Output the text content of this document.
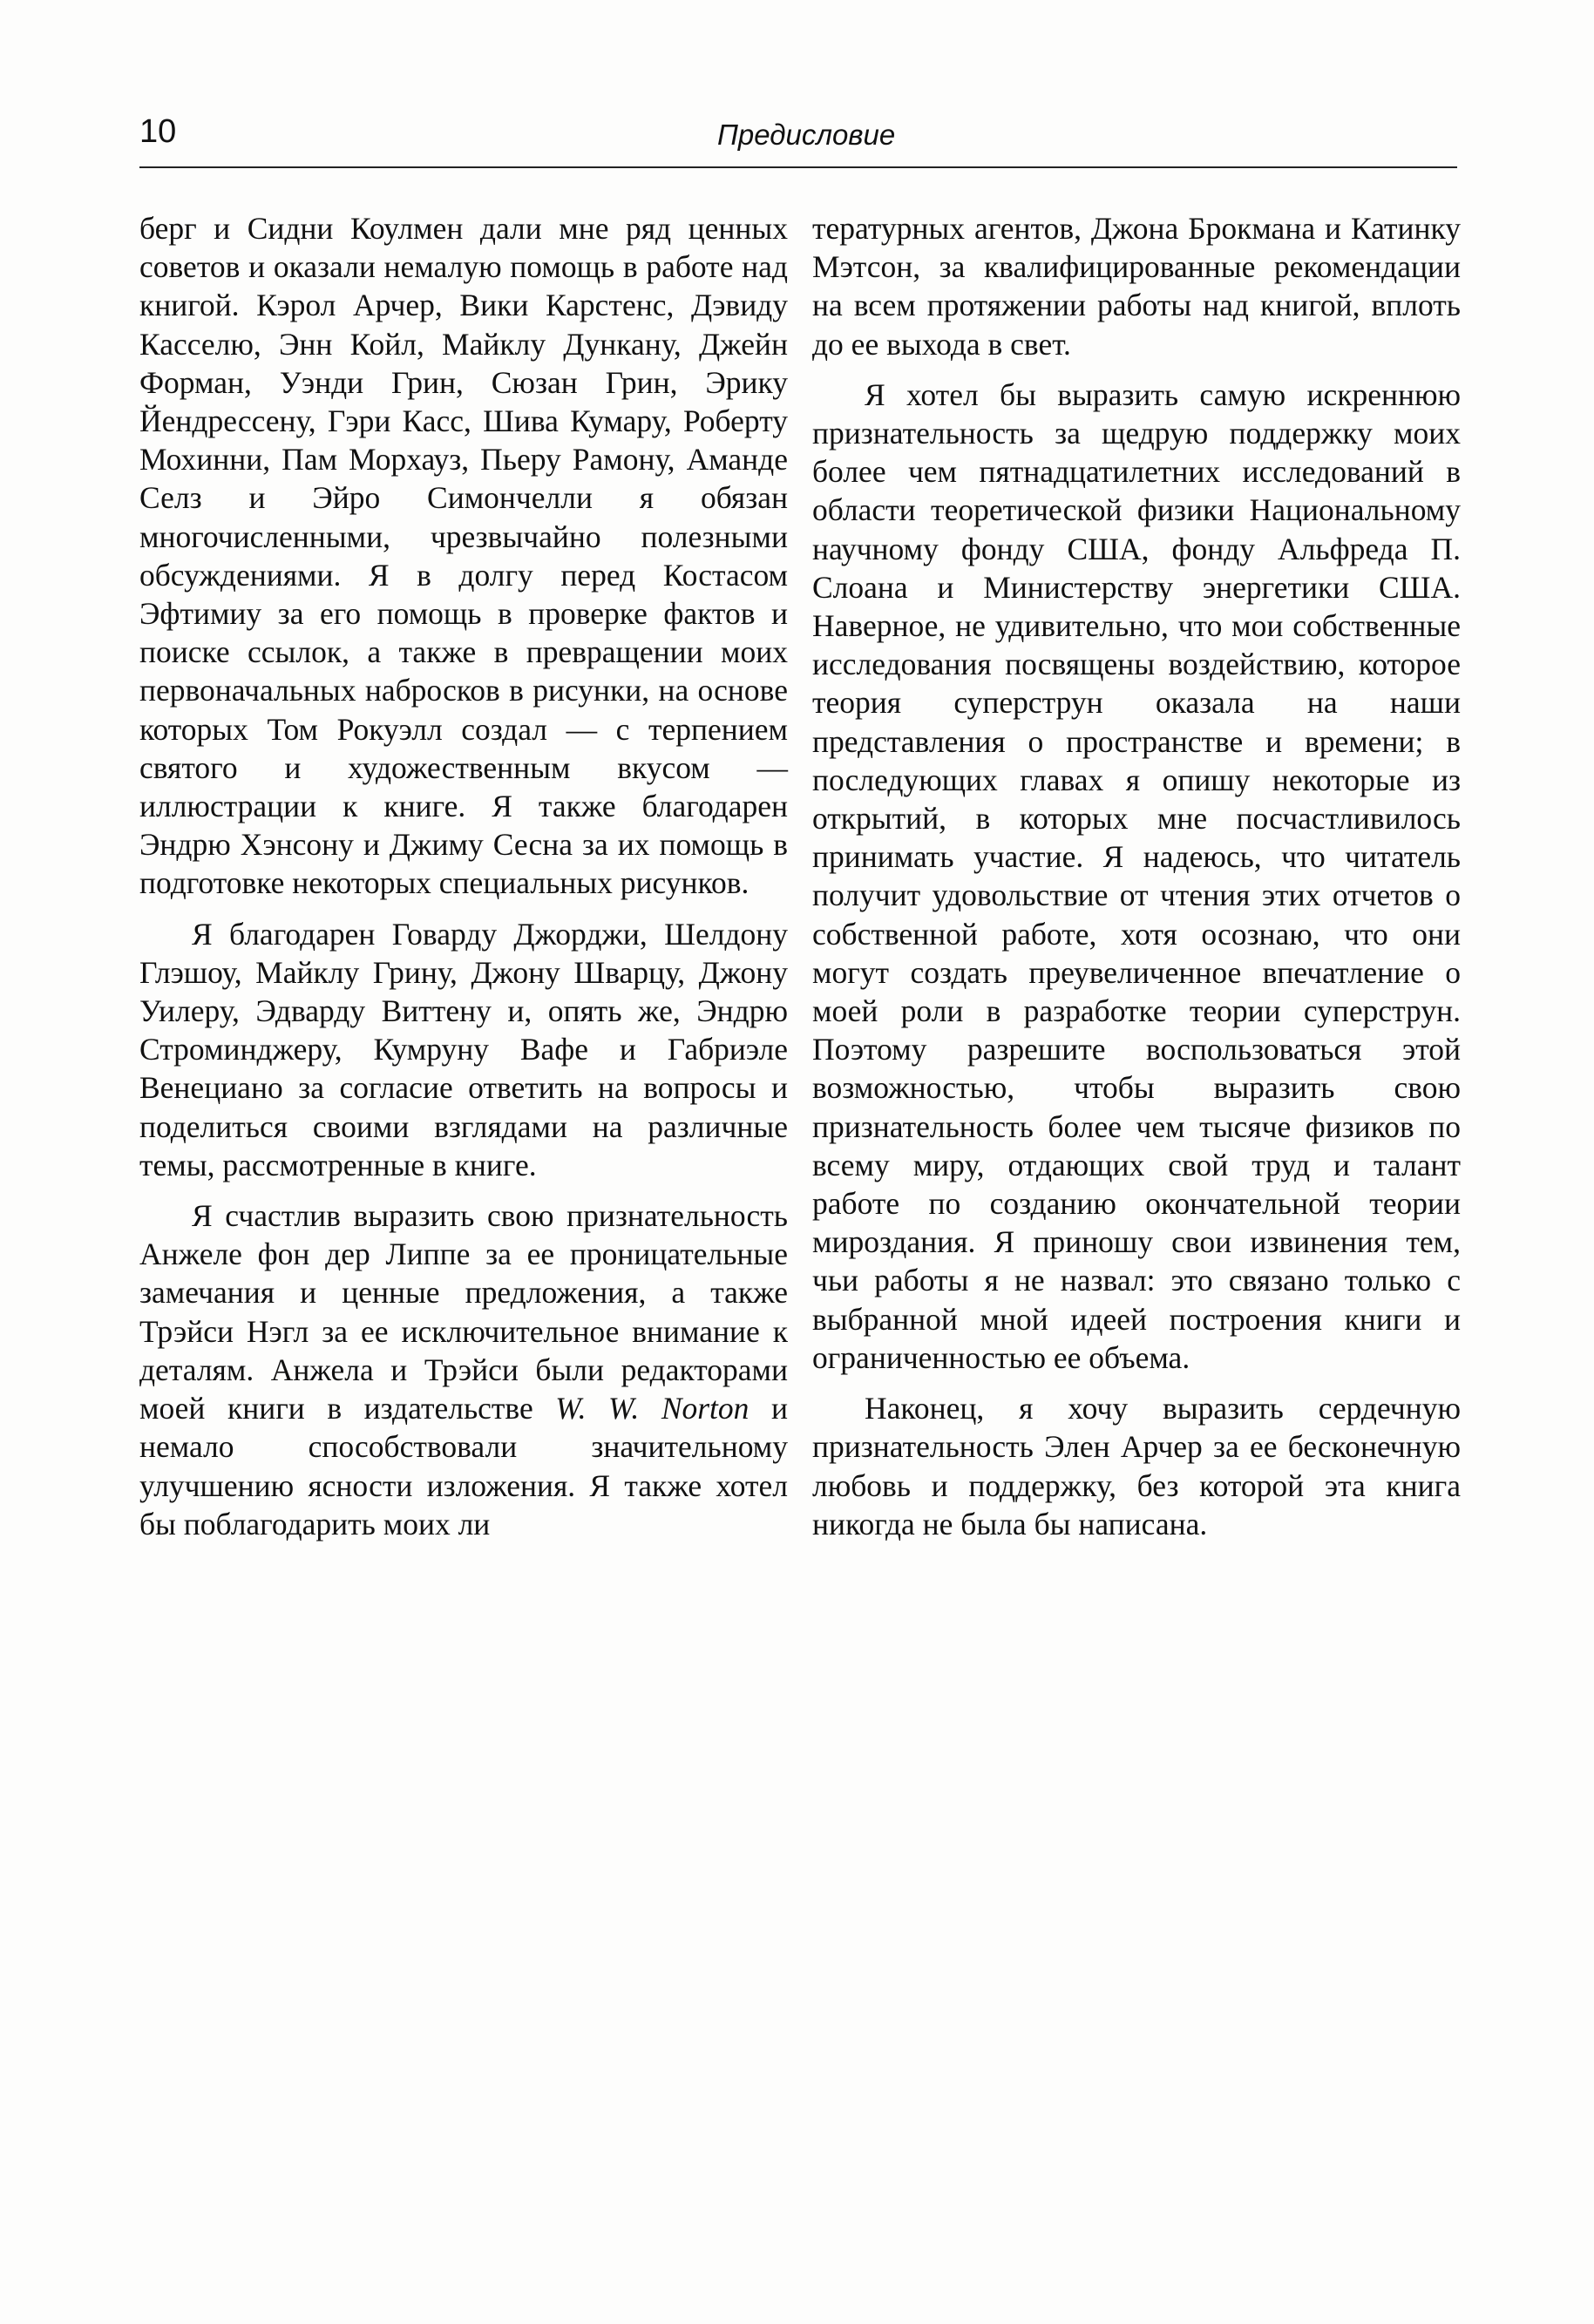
10	Предисловие

берг и Сидни Коулмен дали мне ряд ценных советов и оказали немалую помощь в работе над книгой. Кэрол Арчер, Вики Карстенс, Дэвиду Касселю, Энн Койл, Майклу Дункану, Джейн Форман, Уэнди Грин, Сюзан Грин, Эрику Йендрессену, Гэри Касс, Шива Кумару, Роберту Мохинни, Пам Морхауз, Пьеру Рамону, Аманде Селз и Эйро Симончелли я обязан многочисленными, чрезвычайно полезными обсуждениями. Я в долгу перед Костасом Эфтимиу за его помощь в проверке фактов и поиске ссылок, а также в превращении моих первоначальных набросков в рисунки, на основе которых Том Рокуэлл создал — с терпением святого и художественным вкусом — иллюстрации к книге. Я также благодарен Эндрю Хэнсону и Джиму Сесна за их помощь в подготовке некоторых специальных рисунков.

Я благодарен Говарду Джорджи, Шелдону Глэшоу, Майклу Грину, Джону Шварцу, Джону Уилеру, Эдварду Виттену и, опять же, Эндрю Строминджеру, Кумруну Вафе и Габриэле Венециано за согласие ответить на вопросы и поделиться своими взглядами на различные темы, рассмотренные в книге.

Я счастлив выразить свою признательность Анжеле фон дер Липпе за ее проницательные замечания и ценные предложения, а также Трэйси Нэгл за ее исключительное внимание к деталям. Анжела и Трэйси были редакторами моей книги в издательстве W. W. Norton и немало способствовали значительному улучшению ясности изложения. Я также хотел бы поблагодарить моих ли

тературных агентов, Джона Брокмана и Катинку Мэтсон, за квалифицированные рекомендации на всем протяжении работы над книгой, вплоть до ее выхода в свет.

Я хотел бы выразить самую искреннюю признательность за щедрую поддержку моих более чем пятнадцатилетних исследований в области теоретической физики Национальному научному фонду США, фонду Альфреда П. Слоана и Министерству энергетики США. Наверное, не удивительно, что мои собственные исследования посвящены воздействию, которое теория суперструн оказала на наши представления о пространстве и времени; в последующих главах я опишу некоторые из открытий, в которых мне посчастливилось принимать участие. Я надеюсь, что читатель получит удовольствие от чтения этих отчетов о собственной работе, хотя осознаю, что они могут создать преувеличенное впечатление о моей роли в разработке теории суперструн. Поэтому разрешите воспользоваться этой возможностью, чтобы выразить свою признательность более чем тысяче физиков по всему миру, отдающих свой труд и талант работе по созданию окончательной теории мироздания. Я приношу свои извинения тем, чьи работы я не назвал: это связано только с выбранной мной идеей построения книги и ограниченностью ее объема.

Наконец, я хочу выразить сердечную признательность Элен Арчер за ее бесконечную любовь и поддержку, без которой эта книга никогда не была бы написана.
